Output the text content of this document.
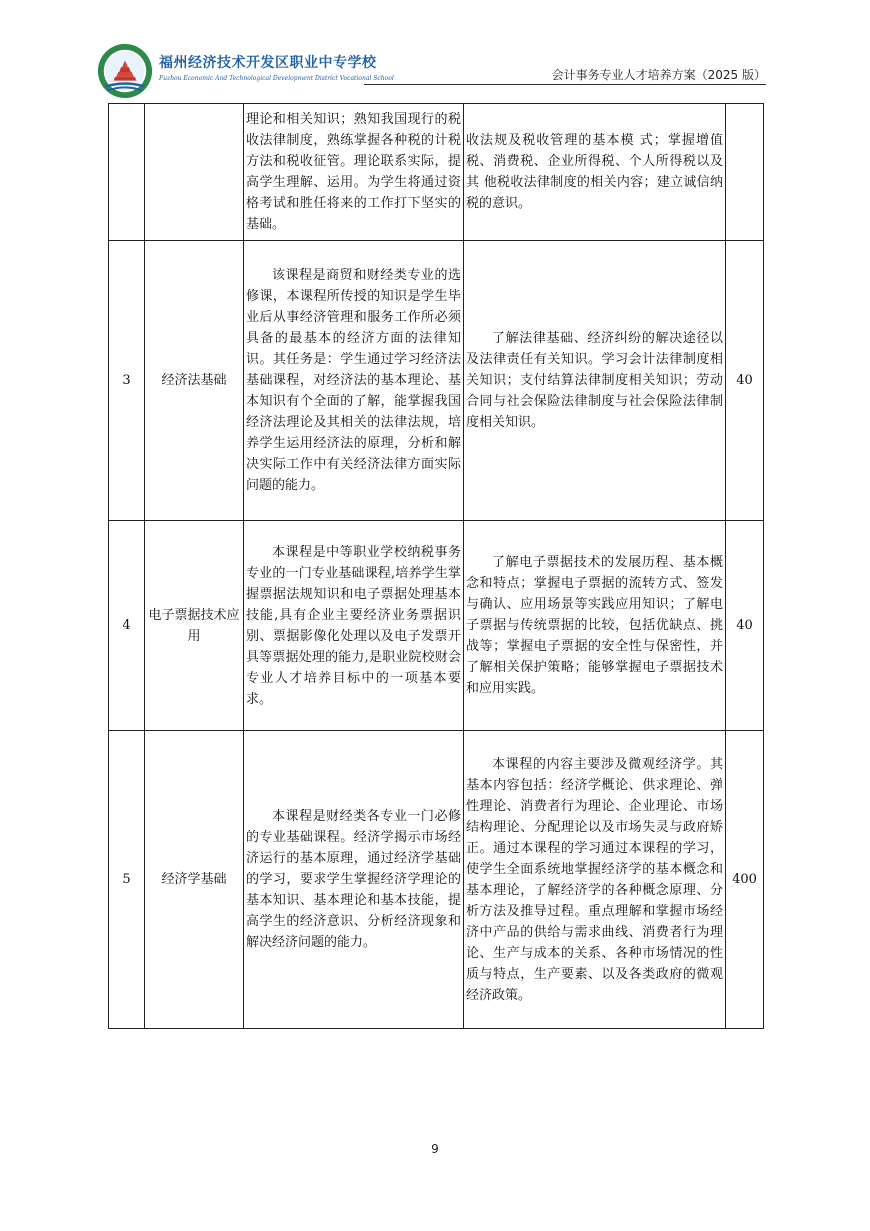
福州经济技术开发区职业中专学校
Fuzhou Economic And Technological Development District Vocational School	会计事务专业人才培养方案（2025 版）
		理论和相关知识；熟知我国现行的税收法律制度，熟练掌握各种税的计税方法和税收征管。理论联系实际，提高学生理解、运用。为学生将通过资格考试和胜任将来的工作打下坚实的基础。	收法规及税收管理的基本模 式；掌握增值税、消费税、企业所得税、个人所得税以及其 他税收法律制度的相关内容；建立诚信纳税的意识。	
3	经济法基础	该课程是商贸和财经类专业的选修课，本课程所传授的知识是学生毕业后从事经济管理和服务工作所必须具备的最基本的经济方面的法律知识。其任务是：学生通过学习经济法基础课程，对经济法的基本理论、基本知识有个全面的了解，能掌握我国经济法理论及其相关的法律法规，培养学生运用经济法的原理，分析和解决实际工作中有关经济法律方面实际问题的能力。	了解法律基础、经济纠纷的解决途径以及法律责任有关知识。学习会计法律制度相关知识；支付结算法律制度相关知识；劳动合同与社会保险法律制度与社会保险法律制度相关知识。	40
4	电子票据技术应用	本课程是中等职业学校纳税事务专业的一门专业基础课程,培养学生掌握票据法规知识和电子票据处理基本技能,具有企业主要经济业务票据识别、票据影像化处理以及电子发票开具等票据处理的能力,是职业院校财会专业人才培养目标中的一项基本要求。	了解电子票据技术的发展历程、基本概念和特点；掌握电子票据的流转方式、签发与确认、应用场景等实践应用知识；了解电子票据与传统票据的比较，包括优缺点、挑战等；掌握电子票据的安全性与保密性，并了解相关保护策略；能够掌握电子票据技术和应用实践。	40
5	经济学基础	本课程是财经类各专业一门必修的专业基础课程。经济学揭示市场经济运行的基本原理，通过经济学基础的学习，要求学生掌握经济学理论的基本知识、基本理论和基本技能，提高学生的经济意识、分析经济现象和解决经济问题的能力。	本课程的内容主要涉及微观经济学。其基本内容包括：经济学概论、供求理论、弹性理论、消费者行为理论、企业理论、市场结构理论、分配理论以及市场失灵与政府矫正。通过本课程的学习通过本课程的学习，使学生全面系统地掌握经济学的基本概念和基本理论，了解经济学的各种概念原理、分析方法及推导过程。重点理解和掌握市场经济中产品的供给与需求曲线、消费者行为理论、生产与成本的关系、各种市场情况的性质与特点，生产要素、以及各类政府的微观经济政策。	400
9
